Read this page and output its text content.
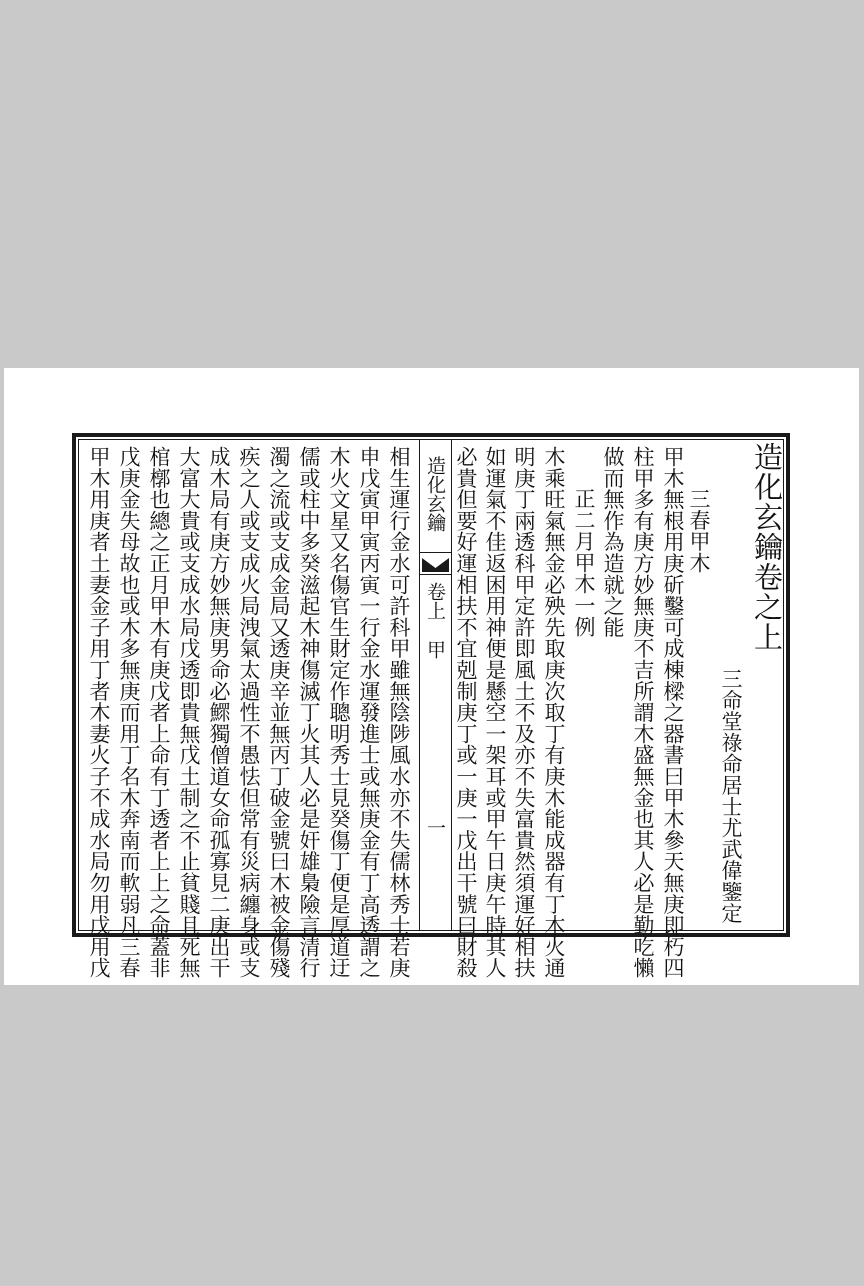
造化玄鑰卷之上
三命堂祿命居士尤武偉鑒定
三春甲木
甲木無根用庚斫鑿可成棟樑之器書曰甲木參天無庚即朽四
柱甲多有庚方妙無庚不吉所謂木盛無金也其人必是勤吃懶
做而無作為造就之能
正二月甲木一例
木乘旺氣無金必殃先取庚次取丁有庚木能成器有丁木火通
明庚丁兩透科甲定許即風土不及亦不失富貴然須運好相扶
如運氣不佳返困用神便是懸空一架耳或甲午日庚午時其人
必貴但要好運相扶不宜剋制庚丁或一庚一戊出干號曰財殺
造化玄鑰
卷上
甲
一
相生運行金水可許科甲雖無陰陟風水亦不失儒林秀士若庚
申戊寅甲寅丙寅一行金水運發進士或無庚金有丁高透謂之
木火文星又名傷官生財定作聰明秀士見癸傷丁便是厚道迂
儒或柱中多癸滋起木神傷滅丁火其人必是奸雄梟險言清行
濁之流或支成金局又透庚辛並無丙丁破金號曰木被金傷殘
疾之人或支成火局洩氣太過性不愚怯但常有災病纏身或支
成木局有庚方妙無庚男命必鰥獨僧道女命孤寡見二庚出干
大富大貴或支成水局戊透即貴無戊土制之不止貧賤且死無
棺槨也總之正月甲木有庚戊者上命有丁透者上上之命蓋非
戊庚金失母故也或木多無庚而用丁名木奔南而軟弱凡三春
甲木用庚者土妻金子用丁者木妻火子不成水局勿用戊用戊
